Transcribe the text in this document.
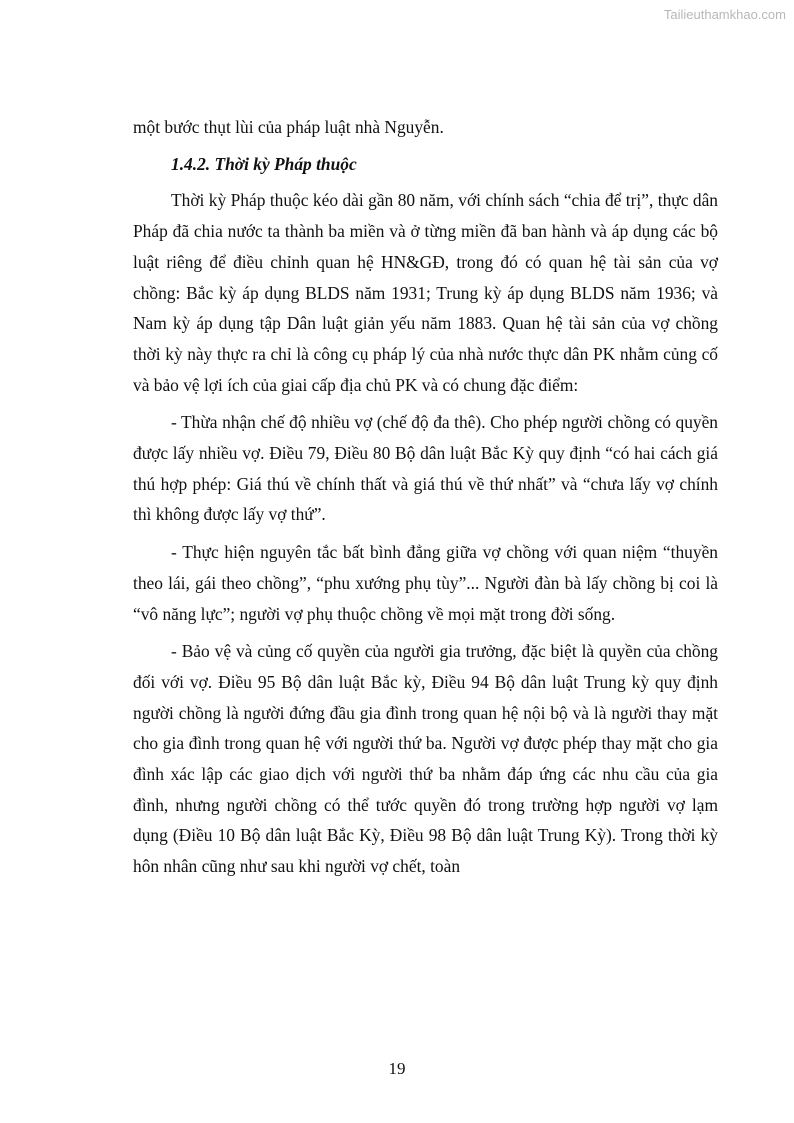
Tailieuthamkhao.com

một bước thụt lùi của pháp luật nhà Nguyễn.

1.4.2. Thời kỳ Pháp thuộc

Thời kỳ Pháp thuộc kéo dài gần 80 năm, với chính sách “chia để trị”, thực dân Pháp đã chia nước ta thành ba miền và ở từng miền đã ban hành và áp dụng các bộ luật riêng để điều chỉnh quan hệ HN&GĐ, trong đó có quan hệ tài sản của vợ chồng: Bắc kỳ áp dụng BLDS năm 1931; Trung kỳ áp dụng BLDS năm 1936; và Nam kỳ áp dụng tập Dân luật giản yếu năm 1883. Quan hệ tài sản của vợ chồng thời kỳ này thực ra chỉ là công cụ pháp lý của nhà nước thực dân PK nhằm củng cố và bảo vệ lợi ích của giai cấp địa chủ PK và có chung đặc điểm:

- Thừa nhận chế độ nhiều vợ (chế độ đa thê). Cho phép người chồng có quyền được lấy nhiều vợ. Điều 79, Điều 80 Bộ dân luật Bắc Kỳ quy định “có hai cách giá thú hợp phép: Giá thú về chính thất và giá thú về thứ nhất” và “chưa lấy vợ chính thì không được lấy vợ thứ”.

- Thực hiện nguyên tắc bất bình đẳng giữa vợ chồng với quan niệm “thuyền theo lái, gái theo chồng”, “phu xướng phụ tùy”... Người đàn bà lấy chồng bị coi là “vô năng lực”; người vợ phụ thuộc chồng về mọi mặt trong đời sống.

- Bảo vệ và củng cố quyền của người gia trưởng, đặc biệt là quyền của chồng đối với vợ. Điều 95 Bộ dân luật Bắc kỳ, Điều 94 Bộ dân luật Trung kỳ quy định người chồng là người đứng đầu gia đình trong quan hệ nội bộ và là người thay mặt cho gia đình trong quan hệ với người thứ ba. Người vợ được phép thay mặt cho gia đình xác lập các giao dịch với người thứ ba nhằm đáp ứng các nhu cầu của gia đình, nhưng người chồng có thể tước quyền đó trong trường hợp người vợ lạm dụng (Điều 10 Bộ dân luật Bắc Kỳ, Điều 98 Bộ dân luật Trung Kỳ). Trong thời kỳ hôn nhân cũng như sau khi người vợ chết, toàn

19
